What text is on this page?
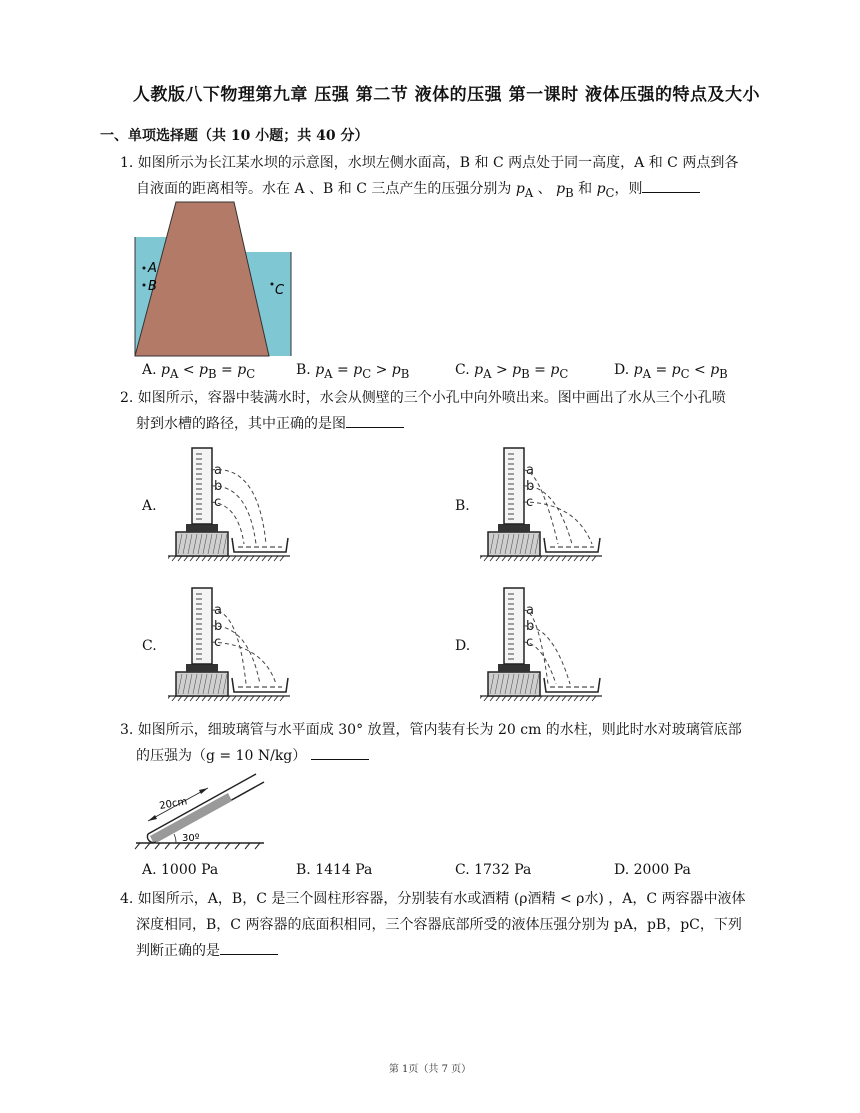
人教版八下物理第九章 压强 第二节 液体的压强 第一课时 液体压强的特点及大小
一、单项选择题（共 10 小题；共 40 分）
1. 如图所示为长江某水坝的示意图，水坝左侧水面高，B 和 C 两点处于同一高度，A 和 C 两点到各
自液面的距离相等。水在 A 、B 和 C 三点产生的压强分别为 $p_A$ 、 $p_B$ 和 $p_C$，则
A
B	C
A. $p_A < p_B = p_C$	B. $p_A = p_C > p_B$	C. $p_A > p_B = p_C$	D. $p_A = p_C < p_B$
2. 如图所示，容器中装满水时，水会从侧壁的三个小孔中向外喷出来。图中画出了水从三个小孔喷
射到水槽的路径，其中正确的是图
A.	B.
C.	D.
a
b
c
a
b
c
a
b
c
a
b
c
3. 如图所示，细玻璃管与水平面成 30° 放置，管内装有长为 20 cm 的水柱，则此时水对玻璃管底部
的压强为（g = 10 N/kg）
20cm
30º
A. 1000 Pa	B. 1414 Pa	C. 1732 Pa	D. 2000 Pa
4. 如图所示，A，B，C 是三个圆柱形容器，分别装有水或酒精 (ρ酒精 < ρ水) ，A，C 两容器中液体
深度相同，B，C 两容器的底面积相同，三个容器底部所受的液体压强分别为 pA，pB，pC，下列
判断正确的是
第 1页（共 7 页）
